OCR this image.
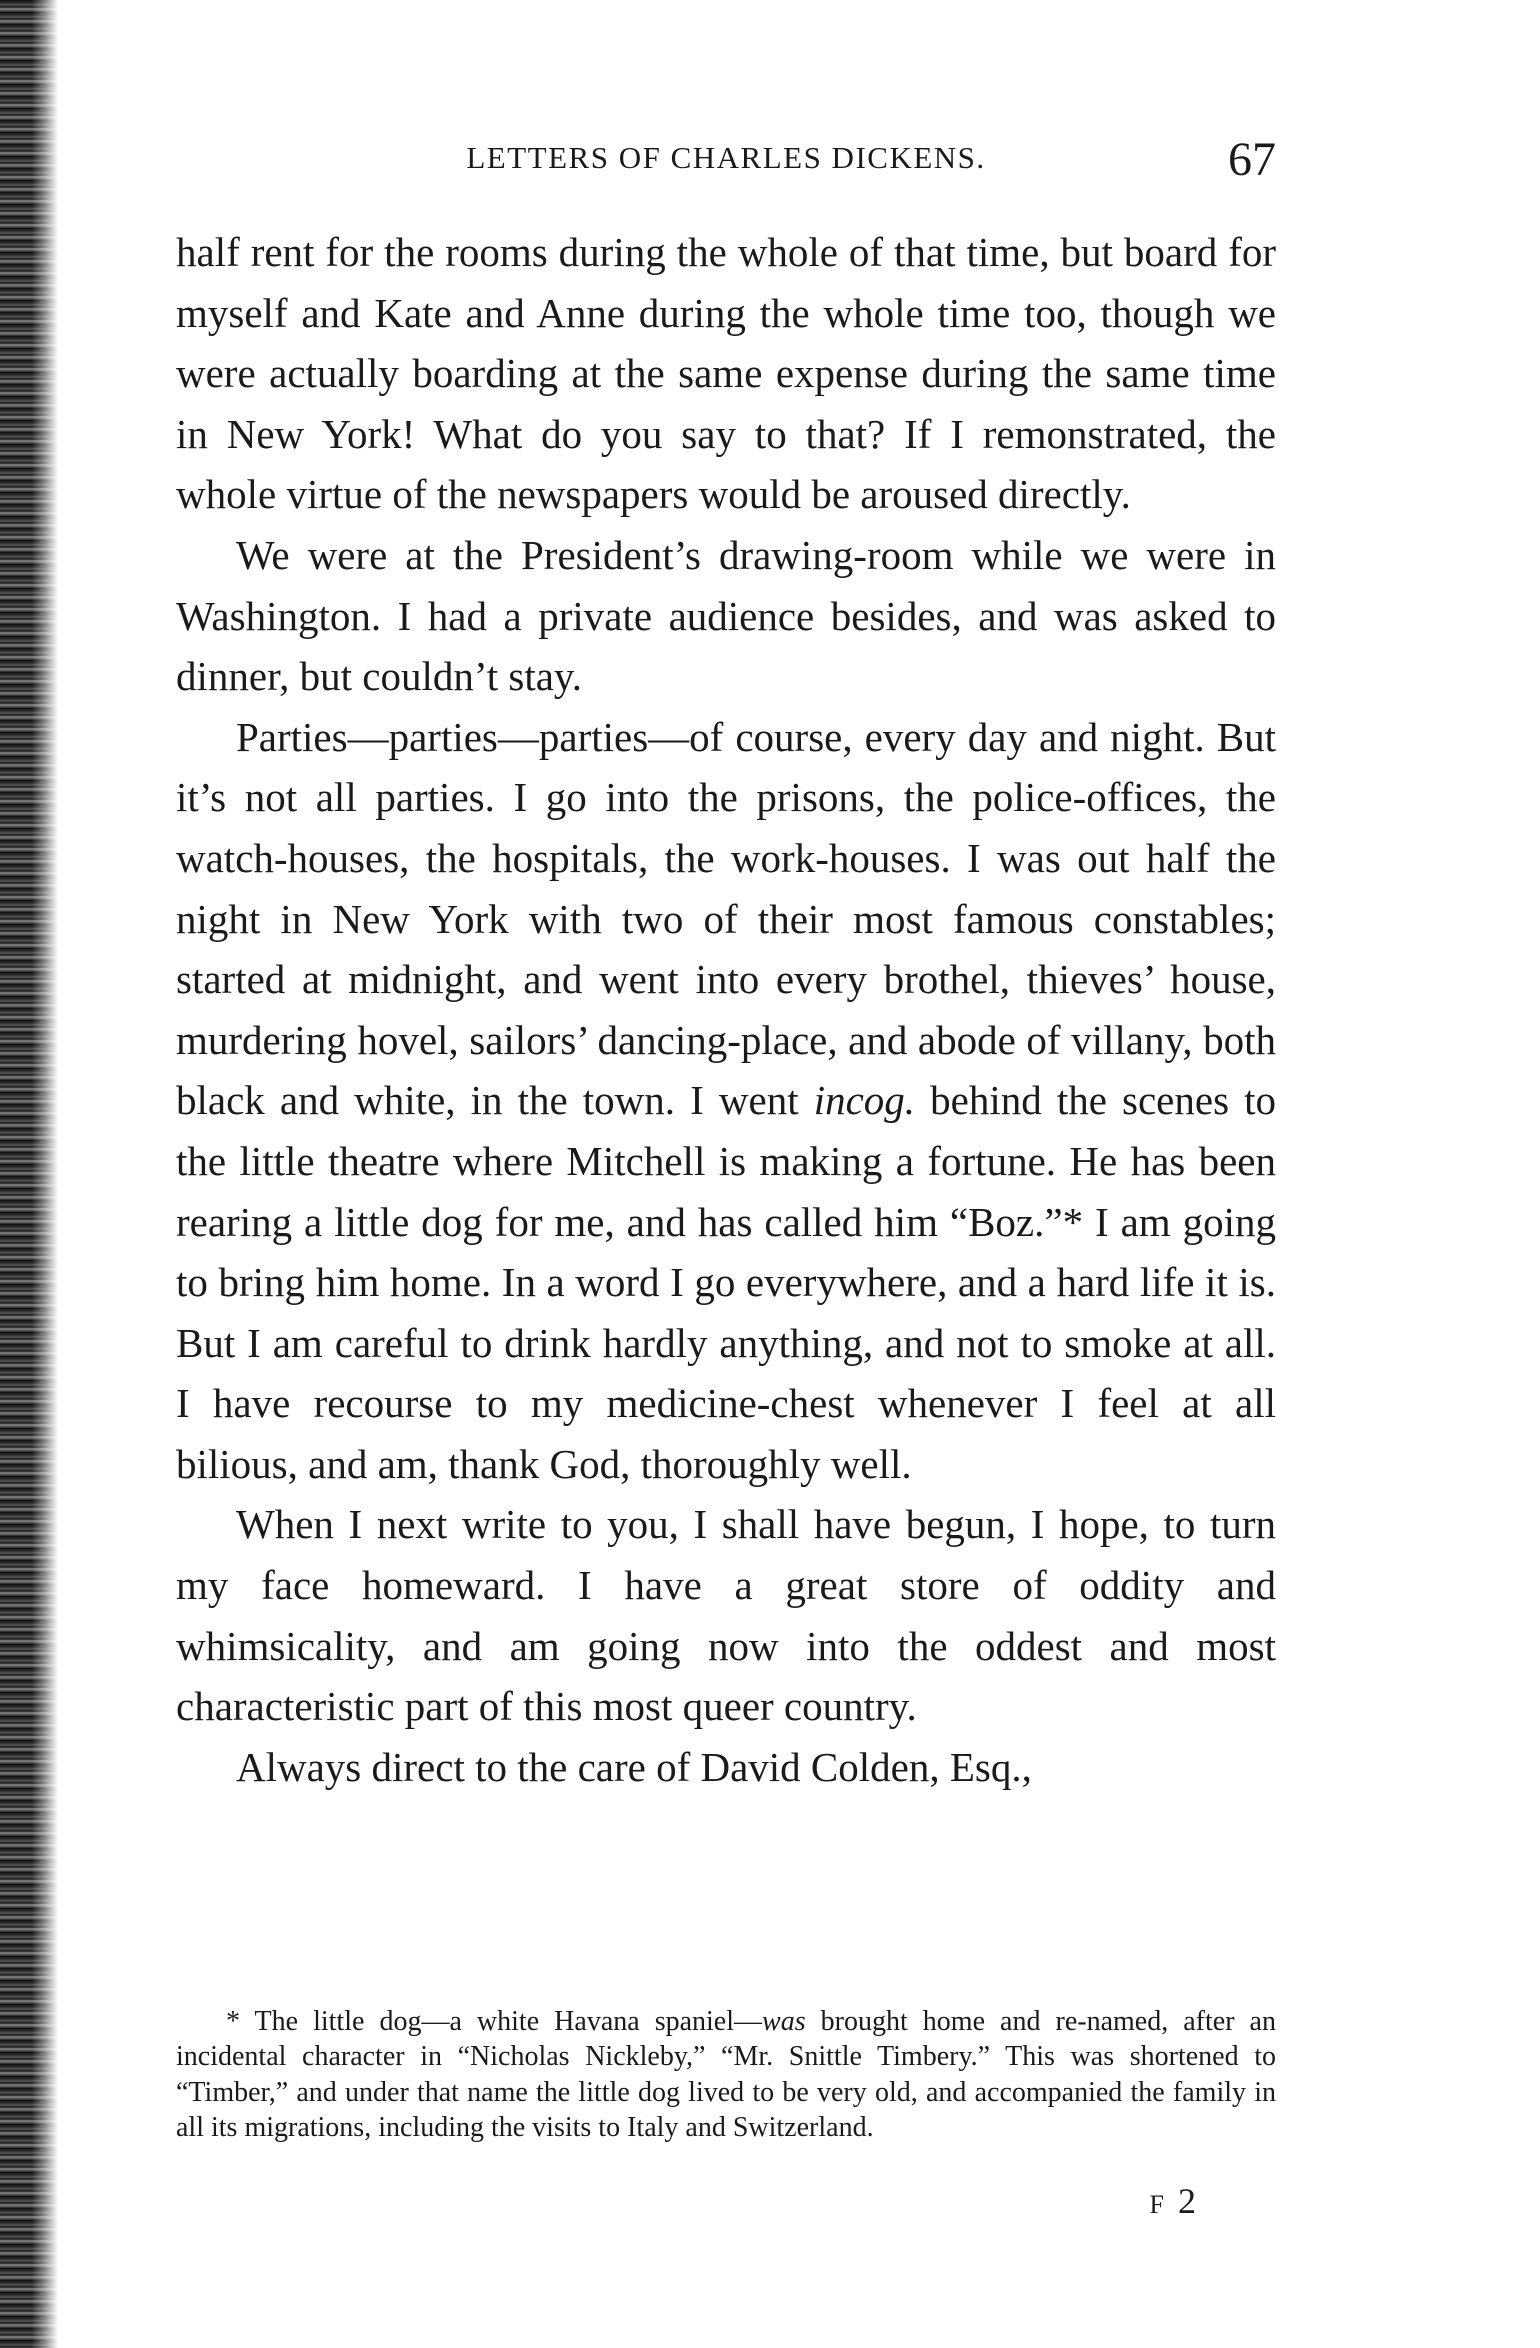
LETTERS OF CHARLES DICKENS.	67

half rent for the rooms during the whole of that time, but board for myself and Kate and Anne during the whole time too, though we were actually boarding at the same expense during the same time in New York! What do you say to that? If I remonstrated, the whole virtue of the newspapers would be aroused directly.

We were at the President’s drawing-room while we were in Washington. I had a private audience besides, and was asked to dinner, but couldn’t stay.

Parties—parties—parties—of course, every day and night. But it’s not all parties. I go into the prisons, the police-offices, the watch-houses, the hospitals, the work-houses. I was out half the night in New York with two of their most famous constables; started at midnight, and went into every brothel, thieves’ house, murdering hovel, sailors’ dancing-place, and abode of villany, both black and white, in the town. I went incog. behind the scenes to the little theatre where Mitchell is making a fortune. He has been rearing a little dog for me, and has called him “Boz.”* I am going to bring him home. In a word I go everywhere, and a hard life it is. But I am careful to drink hardly anything, and not to smoke at all. I have recourse to my medicine-chest whenever I feel at all bilious, and am, thank God, thoroughly well.

When I next write to you, I shall have begun, I hope, to turn my face homeward. I have a great store of oddity and whimsicality, and am going now into the oddest and most characteristic part of this most queer country.

Always direct to the care of David Colden, Esq.,

* The little dog—a white Havana spaniel—was brought home and re-named, after an incidental character in “Nicholas Nickleby,” “Mr. Snittle Timbery.” This was shortened to “Timber,” and under that name the little dog lived to be very old, and accompanied the family in all its migrations, including the visits to Italy and Switzerland.
F 2
